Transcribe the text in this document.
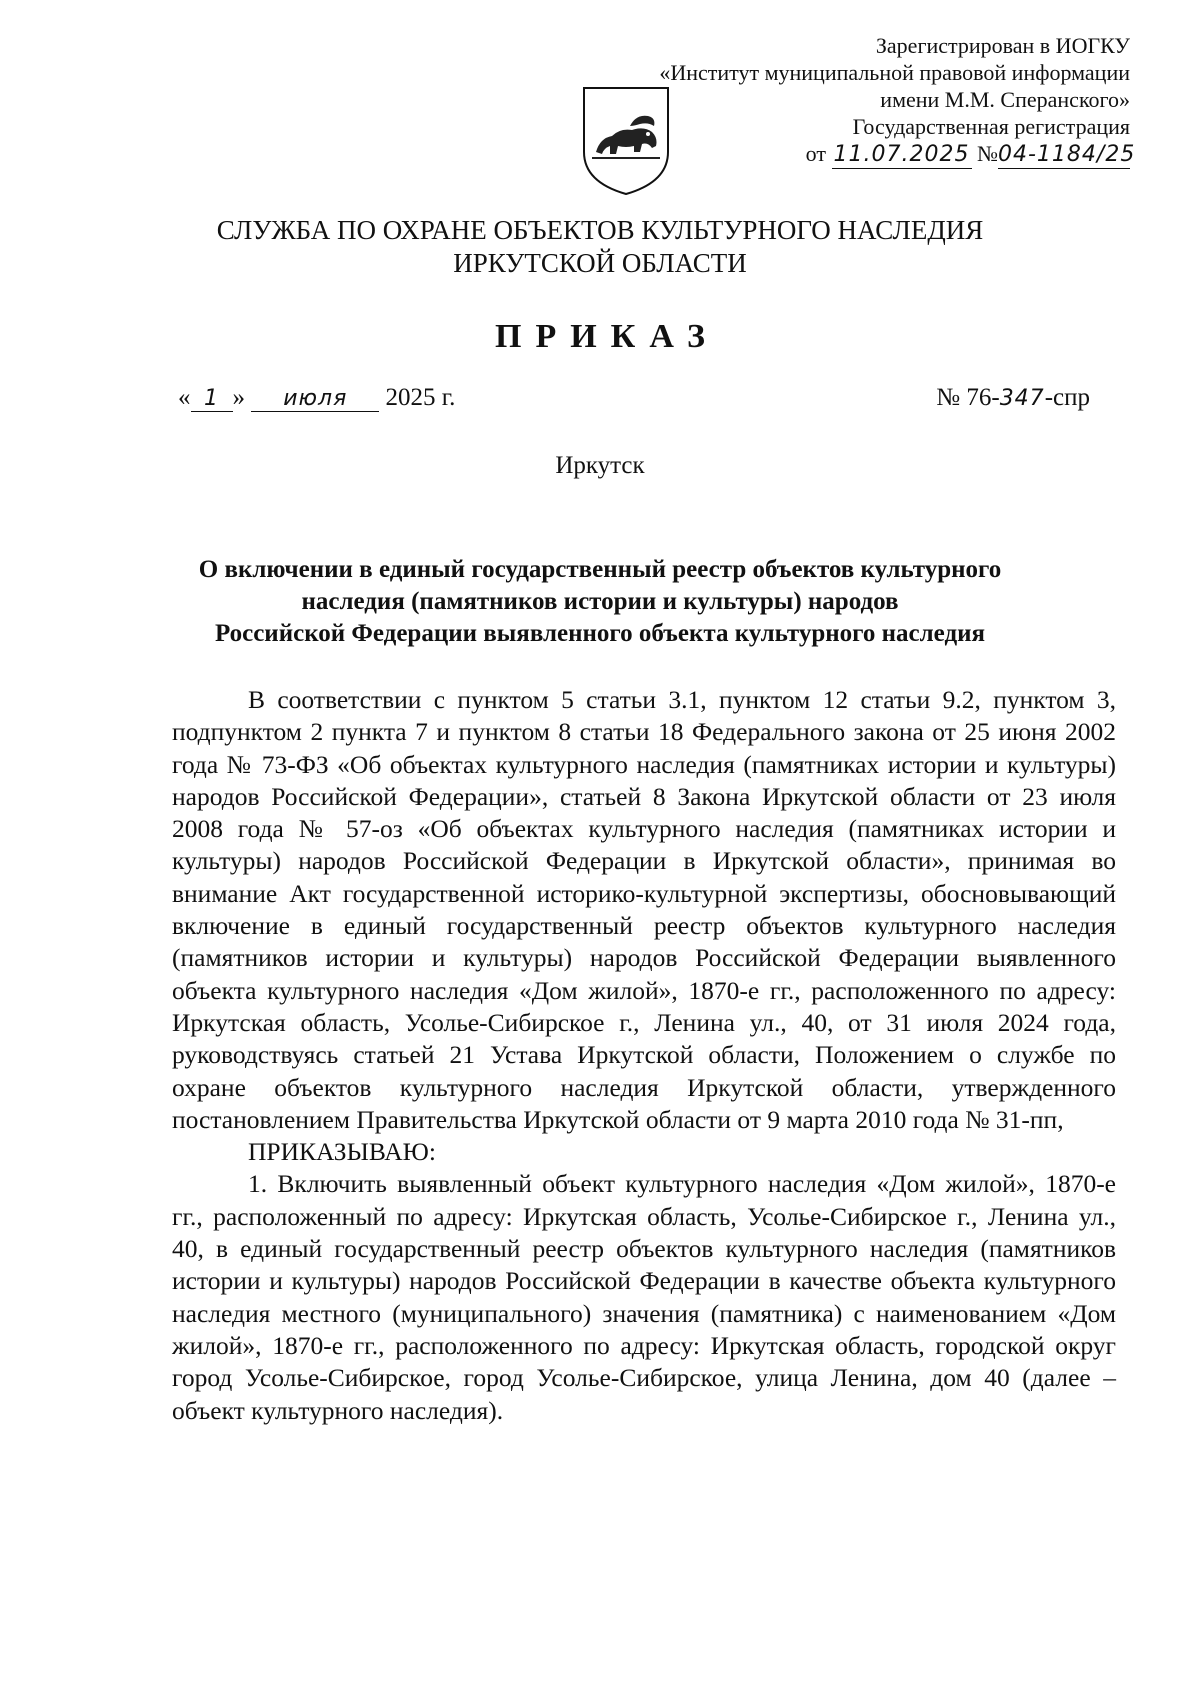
Зарегистрирован в ИОГКУ
«Институт муниципальной правовой информации
имени М.М. Сперанского»
Государственная регистрация
от 11.07.2025 №04-1184/25
СЛУЖБА ПО ОХРАНЕ ОБЪЕКТОВ КУЛЬТУРНОГО НАСЛЕДИЯ
ИРКУТСКОЙ ОБЛАСТИ
ПРИКАЗ
« 1 » июля 2025 г.	№ 76-347-спр
Иркутск
О включении в единый государственный реестр объектов культурного
наследия (памятников истории и культуры) народов
Российской Федерации выявленного объекта культурного наследия

В соответствии с пунктом 5 статьи 3.1, пунктом 12 статьи 9.2, пунктом 3, подпунктом 2 пункта 7 и пунктом 8 статьи 18 Федерального закона от 25 июня 2002 года № 73-ФЗ «Об объектах культурного наследия (памятниках истории и культуры) народов Российской Федерации», статьей 8 Закона Иркутской области от 23 июля 2008 года № 57-оз «Об объектах культурного наследия (памятниках истории и культуры) народов Российской Федерации в Иркутской области», принимая во внимание Акт государственной историко-культурной экспертизы, обосновывающий включение в единый государственный реестр объектов культурного наследия (памятников истории и культуры) народов Российской Федерации выявленного объекта культурного наследия «Дом жилой», 1870-е гг., расположенного по адресу: Иркутская область, Усолье-Сибирское г., Ленина ул., 40, от 31 июля 2024 года, руководствуясь статьей 21 Устава Иркутской области, Положением о службе по охране объектов культурного наследия Иркутской области, утвержденного постановлением Правительства Иркутской области от 9 марта 2010 года № 31-пп,

ПРИКАЗЫВАЮ:

1. Включить выявленный объект культурного наследия «Дом жилой», 1870-е гг., расположенный по адресу: Иркутская область, Усолье-Сибирское г., Ленина ул., 40, в единый государственный реестр объектов культурного наследия (памятников истории и культуры) народов Российской Федерации в качестве объекта культурного наследия местного (муниципального) значения (памятника) с наименованием «Дом жилой», 1870-е гг., расположенного по адресу: Иркутская область, городской округ город Усолье-Сибирское, город Усолье-Сибирское, улица Ленина, дом 40 (далее – объект культурного наследия).
